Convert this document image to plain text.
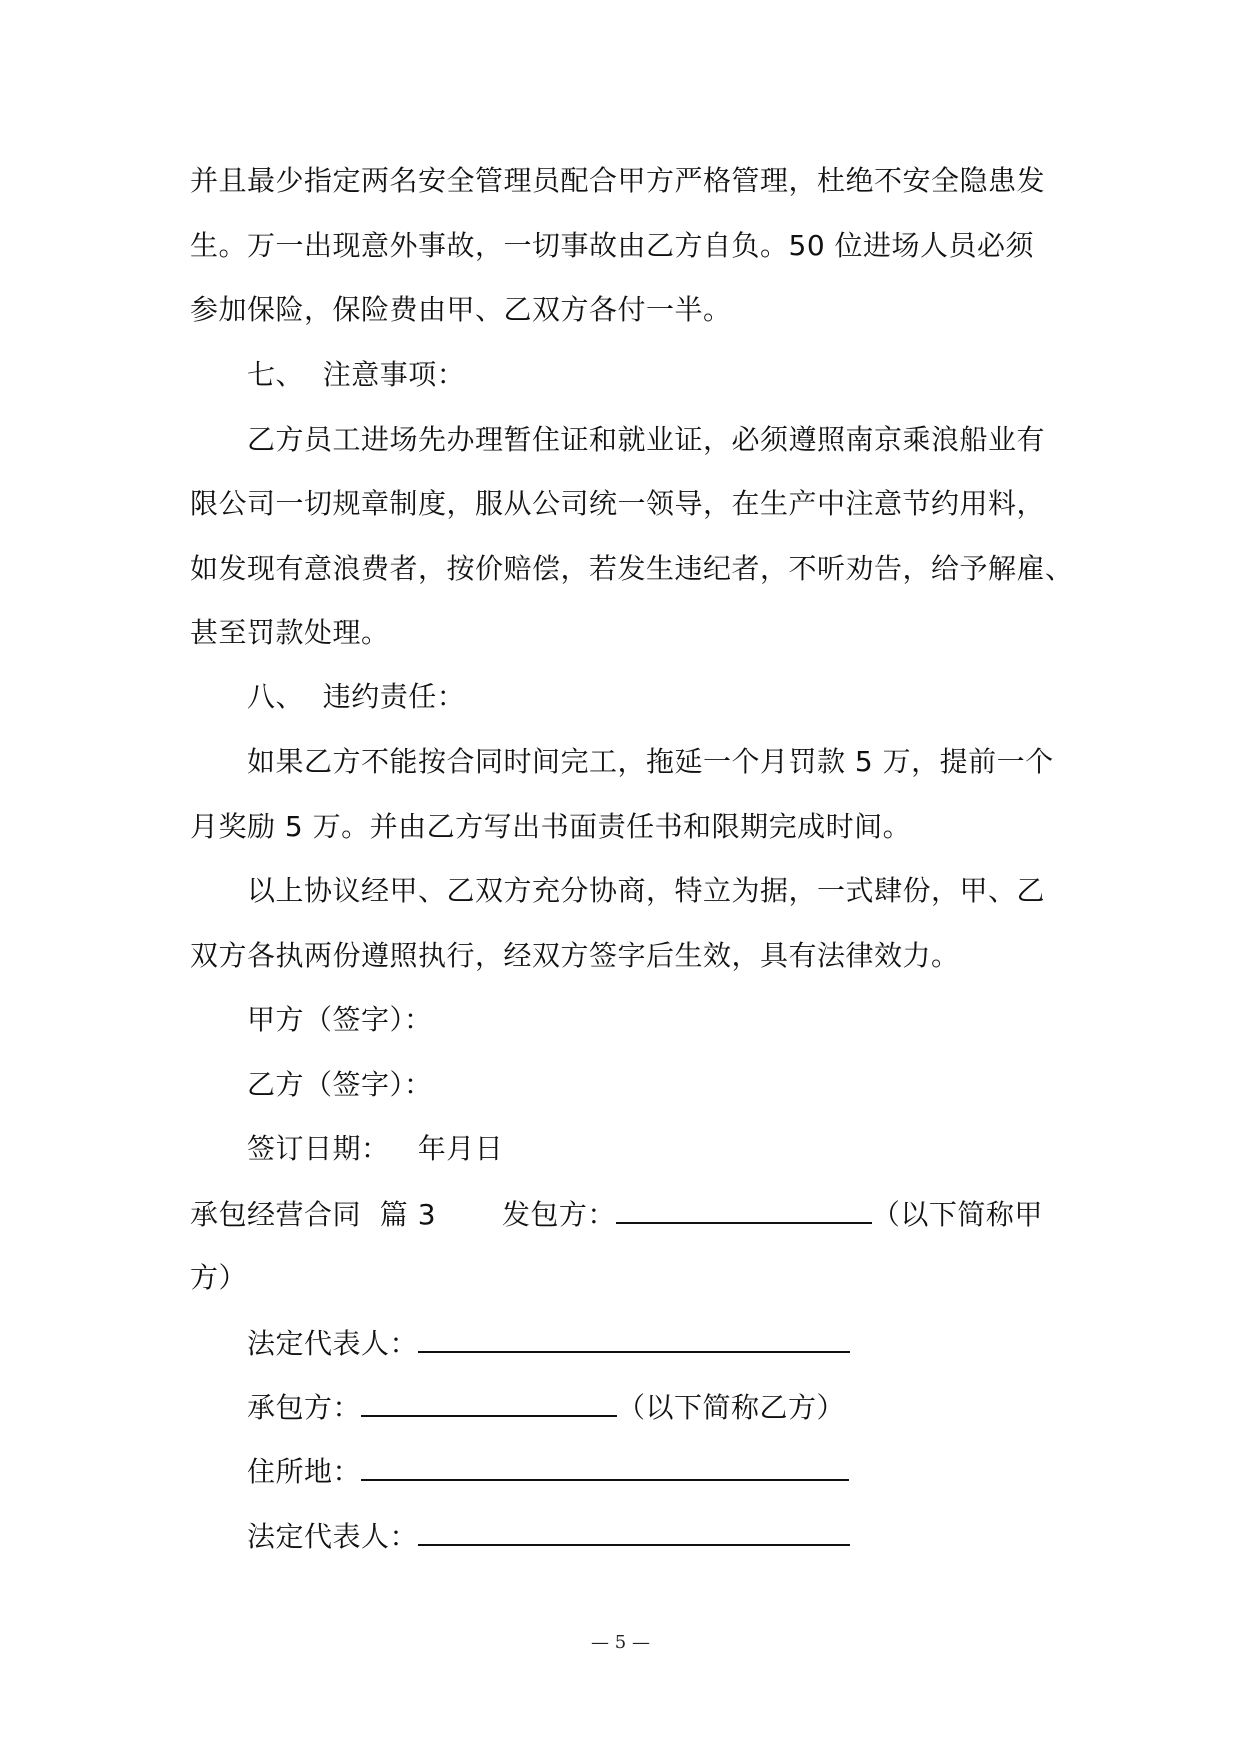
并且最少指定两名安全管理员配合甲方严格管理，杜绝不安全隐患发
生。万一出现意外事故，一切事故由乙方自负。50 位进场人员必须
参加保险，保险费由甲、乙双方各付一半。
七、  注意事项：
乙方员工进场先办理暂住证和就业证，必须遵照南京乘浪船业有
限公司一切规章制度，服从公司统一领导，在生产中注意节约用料，
如发现有意浪费者，按价赔偿，若发生违纪者，不听劝告，给予解雇、
甚至罚款处理。
八、  违约责任：
如果乙方不能按合同时间完工，拖延一个月罚款 5 万，提前一个
月奖励 5 万。并由乙方写出书面责任书和限期完成时间。
以上协议经甲、乙双方充分协商，特立为据，一式肆份，甲、乙
双方各执两份遵照执行，经双方签字后生效，具有法律效力。
甲方（签字）：
乙方（签字）：
签订日期：   年月日
承包经营合同  篇 3 发包方：	（以下简称甲
方）
法定代表人：
承包方：	（以下简称乙方）
住所地：
法定代表人：
— 5 —
